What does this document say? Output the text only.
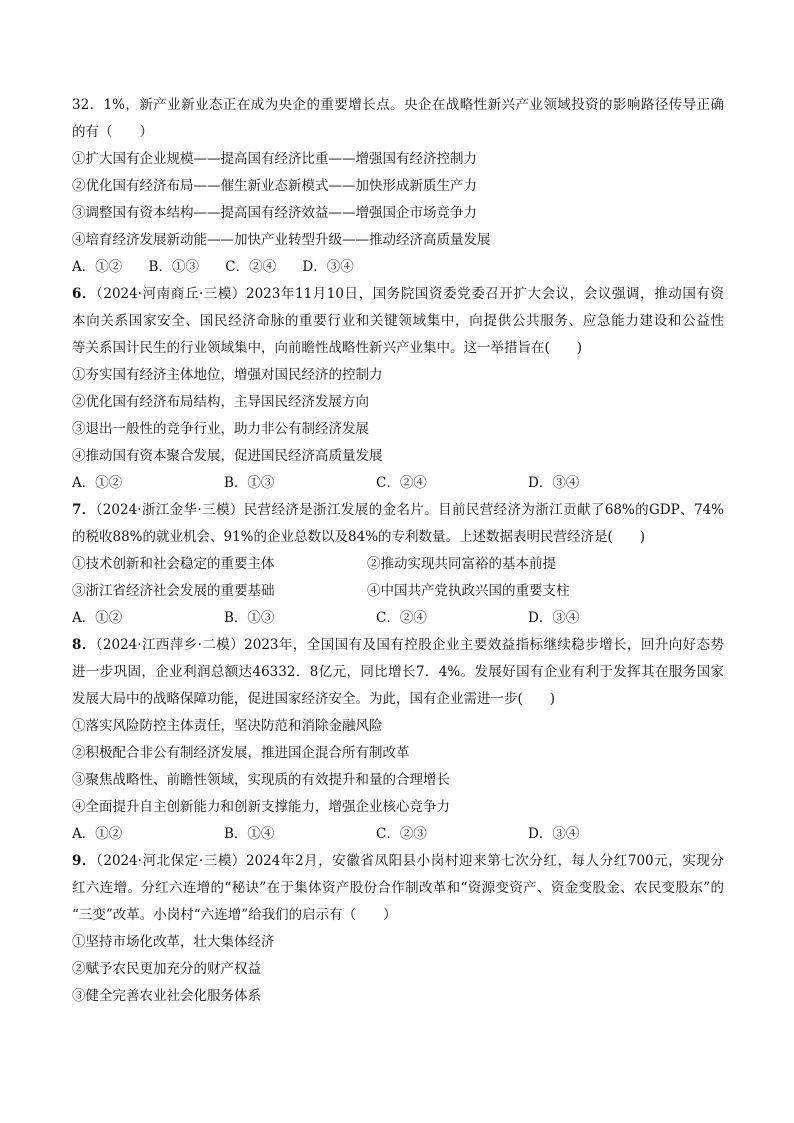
32．1%，新产业新业态正在成为央企的重要增长点。央企在战略性新兴产业领域投资的影响路径传导正确
的有（　　）
①扩大国有企业规模——提高国有经济比重——增强国有经济控制力
②优化国有经济布局——催生新业态新模式——加快形成新质生产力
③调整国有资本结构——提高国有经济效益——增强国企市场竞争力
④培育经济发展新动能——加快产业转型升级——推动经济高质量发展
A．①② B．①③ C．②④ D．③④
6．（2024·河南商丘·三模）2023年11月10日，国务院国资委党委召开扩大会议，会议强调，推动国有资
本向关系国家安全、国民经济命脉的重要行业和关键领域集中，向提供公共服务、应急能力建设和公益性
等关系国计民生的行业领域集中，向前瞻性战略性新兴产业集中。这一举措旨在(　　)
①夯实国有经济主体地位，增强对国民经济的控制力
②优化国有经济布局结构，主导国民经济发展方向
③退出一般性的竞争行业，助力非公有制经济发展
④推动国有资本聚合发展，促进国民经济高质量发展
A．①②	B．①③	C．②④	D．③④
7．（2024·浙江金华·三模）民营经济是浙江发展的金名片。目前民营经济为浙江贡献了68%的GDP、74%
的税收88%的就业机会、91%的企业总数以及84%的专利数量。上述数据表明民营经济是(　　)
①技术创新和社会稳定的重要主体	②推动实现共同富裕的基本前提
③浙江省经济社会发展的重要基础	④中国共产党执政兴国的重要支柱
A．①②	B．①③	C．②④	D．③④
8．（2024·江西萍乡·二模）2023年，全国国有及国有控股企业主要效益指标继续稳步增长，回升向好态势
进一步巩固，企业利润总额达46332．8亿元，同比增长7．4%。发展好国有企业有利于发挥其在服务国家
发展大局中的战略保障功能，促进国家经济安全。为此，国有企业需进一步(　　)
①落实风险防控主体责任，坚决防范和消除金融风险
②积极配合非公有制经济发展，推进国企混合所有制改革
③聚焦战略性、前瞻性领域，实现质的有效提升和量的合理增长
④全面提升自主创新能力和创新支撑能力，增强企业核心竞争力
A．①②	B．①④	C．②③	D．③④
9．（2024·河北保定·三模）2024年2月，安徽省凤阳县小岗村迎来第七次分红，每人分红700元，实现分
红六连增。分红六连增的“秘诀”在于集体资产股份合作制改革和“资源变资产、资金变股金、农民变股东”的
“三变”改革。小岗村“六连增”给我们的启示有（　　）
①坚持市场化改革，壮大集体经济
②赋予农民更加充分的财产权益
③健全完善农业社会化服务体系
